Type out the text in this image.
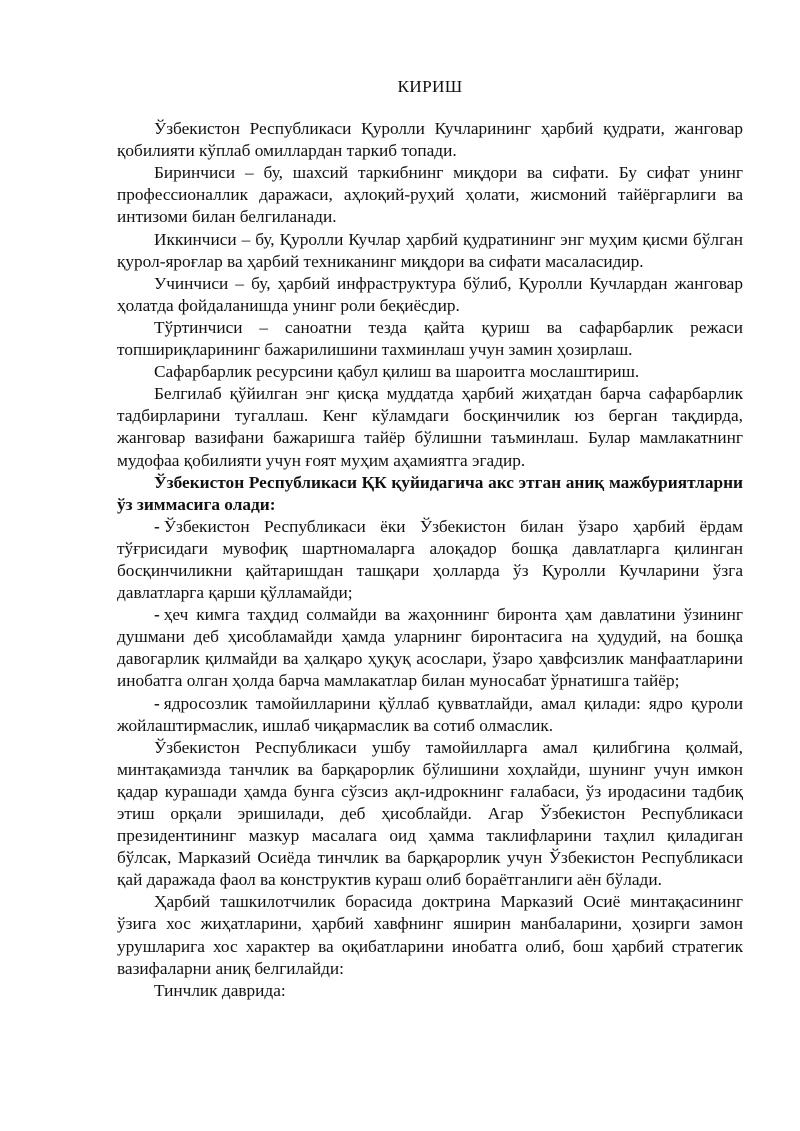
КИРИШ

Ўзбекистон Республикаси Қуролли Кучларининг ҳарбий қудрати, жанговар қобилияти кўплаб омиллардан таркиб топади.

Биринчиси – бу, шахсий таркибнинг миқдори ва сифати. Бу сифат унинг профессионаллик даражаси, аҳлоқий-руҳий ҳолати, жисмоний тайёргарлиги ва интизоми билан белгиланади.

Иккинчиси – бу, Қуролли Кучлар ҳарбий қудратининг энг муҳим қисми бўлган қурол-яроғлар ва ҳарбий техниканинг миқдори ва сифати масаласидир.

Учинчиси – бу, ҳарбий инфраструктура бўлиб, Қуролли Кучлардан жанговар ҳолатда фойдаланишда унинг роли беқиёсдир.

Тўртинчиси – саноатни тезда қайта қуриш ва сафарбарлик режаси топшириқларининг бажарилишини тахминлаш учун замин ҳозирлаш.

Сафарбарлик ресурсини қабул қилиш ва шароитга мослаштириш.

Белгилаб қўйилган энг қисқа муддатда ҳарбий жиҳатдан барча сафарбарлик тадбирларини тугаллаш. Кенг кўламдаги босқинчилик юз берган тақдирда, жанговар вазифани бажаришга тайёр бўлишни таъминлаш. Булар мамлакатнинг мудофаа қобилияти учун ғоят муҳим аҳамиятга эгадир.

Ўзбекистон Республикаси ҚК қуйидагича акс этган аниқ мажбуриятларни ўз зиммасига олади:

- Ўзбекистон Республикаси ёки Ўзбекистон билан ўзаро ҳарбий ёрдам тўғрисидаги мувофиқ шартномаларга алоқадор бошқа давлатларга қилинган босқинчиликни қайтаришдан ташқари ҳолларда ўз Қуролли Кучларини ўзга давлатларга қарши қўлламайди;

- ҳеч кимга таҳдид солмайди ва жаҳоннинг биронта ҳам давлатини ўзининг душмани деб ҳисобламайди ҳамда уларнинг биронтасига на ҳудудий, на бошқа давогарлик қилмайди ва ҳалқаро ҳуқуқ асослари, ўзаро ҳавфсизлик манфаатларини инобатга олган ҳолда барча мамлакатлар билан муносабат ўрнатишга тайёр;

- ядросозлик тамойилларини қўллаб қувватлайди, амал қилади: ядро қуроли жойлаштирмаслик, ишлаб чиқармаслик ва сотиб олмаслик.

Ўзбекистон Республикаси ушбу тамойилларга амал қилибгина қолмай, минтақамизда танчлик ва барқарорлик бўлишини хоҳлайди, шунинг учун имкон қадар курашади ҳамда бунга сўзсиз ақл-идрокнинг ғалабаси, ўз иродасини тадбиқ этиш орқали эришилади, деб ҳисоблайди. Агар Ўзбекистон Республикаси президентининг мазкур масалага оид ҳамма таклифларини таҳлил қиладиган бўлсак, Марказий Осиёда тинчлик ва барқарорлик учун Ўзбекистон Республикаси қай даражада фаол ва конструктив кураш олиб бораётганлиги аён бўлади.

Ҳарбий ташкилотчилик борасида доктрина Марказий Осиё минтақасининг ўзига хос жиҳатларини, ҳарбий хавфнинг яширин манбаларини, ҳозирги замон урушларига хос характер ва оқибатларини инобатга олиб, бош ҳарбий стратегик вазифаларни аниқ белгилайди:

Тинчлик даврида:
